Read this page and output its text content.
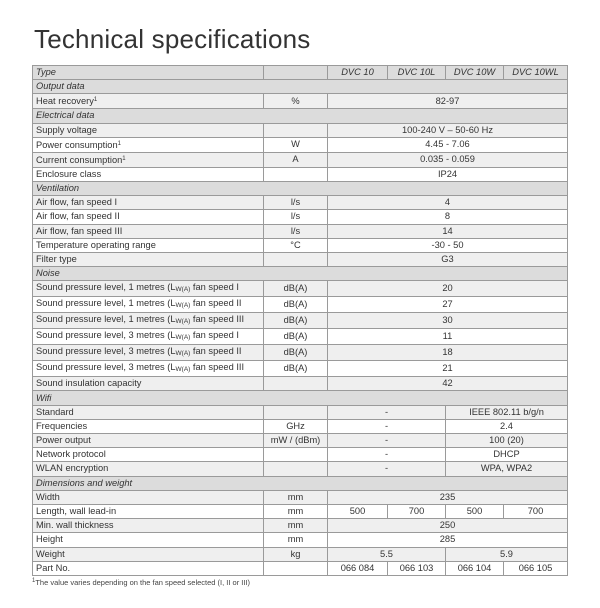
Technical specifications
Type		DVC 10	DVC 10L	DVC 10W	DVC 10WL
Output data					
Heat recovery$^1$	%	82-97			
Electrical data					
Supply voltage		100-240 V – 50-60 Hz			
Power consumption$^1$	W	4.45 - 7.06			
Current consumption$^1$	A	0.035 - 0.059			
Enclosure class		IP24			
Ventilation					
Air flow, fan speed I	l/s	4			
Air flow, fan speed II	l/s	8			
Air flow, fan speed III	l/s	14			
Temperature operating range	°C	-30 - 50			
Filter type		G3			
Noise					
Sound pressure level, 1 metres (LW(A) fan speed I	dB(A)	20			
Sound pressure level, 1 metres (LW(A) fan speed II	dB(A)	27			
Sound pressure level, 1 metres (LW(A) fan speed III	dB(A)	30			
Sound pressure level, 3 metres (LW(A) fan speed I	dB(A)	11			
Sound pressure level, 3 metres (LW(A) fan speed II	dB(A)	18			
Sound pressure level, 3 metres (LW(A) fan speed III	dB(A)	21			
Sound insulation capacity		42			
Wifi					
Standard		-		IEEE 802.11 b/g/n	
Frequencies	GHz	-		2.4	
Power output	mW / (dBm)	-		100 (20)	
Network protocol		-		DHCP	
WLAN encryption		-		WPA, WPA2	
Dimensions and weight					
Width	mm	235			
Length, wall lead-in	mm	500	700	500	700
Min. wall thickness	mm	250			
Height	mm	285			
Weight	kg	5.5		5.9	
Part No.		066 084	066 103	066 104	066 105
$^1$The value varies depending on the fan speed selected (I, II or III)
